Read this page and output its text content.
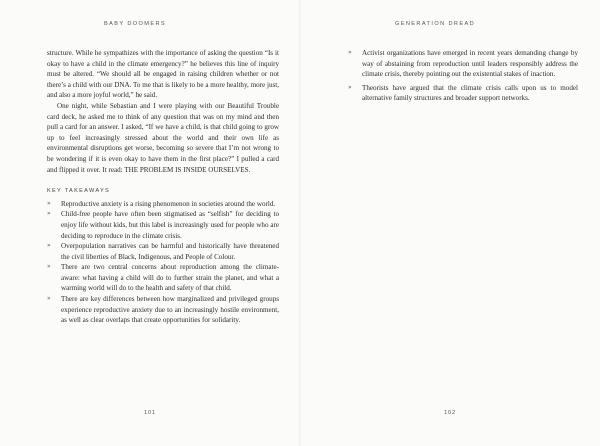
BABY DOOMERS

structure. While he sympathizes with the importance of asking the question “Is it okay to have a child in the climate emergency?” he believes this line of inquiry must be altered. “We should all be engaged in raising children whether or not there’s a child with our DNA. To me that is likely to be a more healthy, more just, and also a more joyful world,” he said.

One night, while Sebastian and I were playing with our Beautiful Trouble card deck, he asked me to think of any question that was on my mind and then pull a card for an answer. I asked, “If we have a child, is that child going to grow up to feel increasingly stressed about the world and their own life as environmental disruptions get worse, becoming so severe that I’m not wrong to be wondering if it is even okay to have them in the first place?” I pulled a card and flipped it over. It read: THE PROBLEM IS INSIDE OURSELVES.

KEY TAKEAWAYS
» Reproductive anxiety is a rising phenomenon in societies around the world.
» Child-free people have often been stigmatised as “selfish” for deciding to enjoy life without kids, but this label is increasingly used for people who are deciding to reproduce in the climate crisis.
» Overpopulation narratives can be harmful and historically have threatened the civil liberties of Black, Indigenous, and People of Colour.
» There are two central concerns about reproduction among the climate-aware: what having a child will do to further strain the planet, and what a warming world will do to the health and safety of that child.
» There are key differences between how marginalized and privileged groups experience reproductive anxiety due to an increasingly hostile environment, as well as clear overlaps that create opportunities for solidarity.
101
GENERATION DREAD
» Activist organizations have emerged in recent years demanding change by way of abstaining from reproduction until leaders responsibly address the climate crisis, thereby pointing out the existential stakes of inaction.
» Theorists have argued that the climate crisis calls upon us to model alternative family structures and broader support networks.
102
